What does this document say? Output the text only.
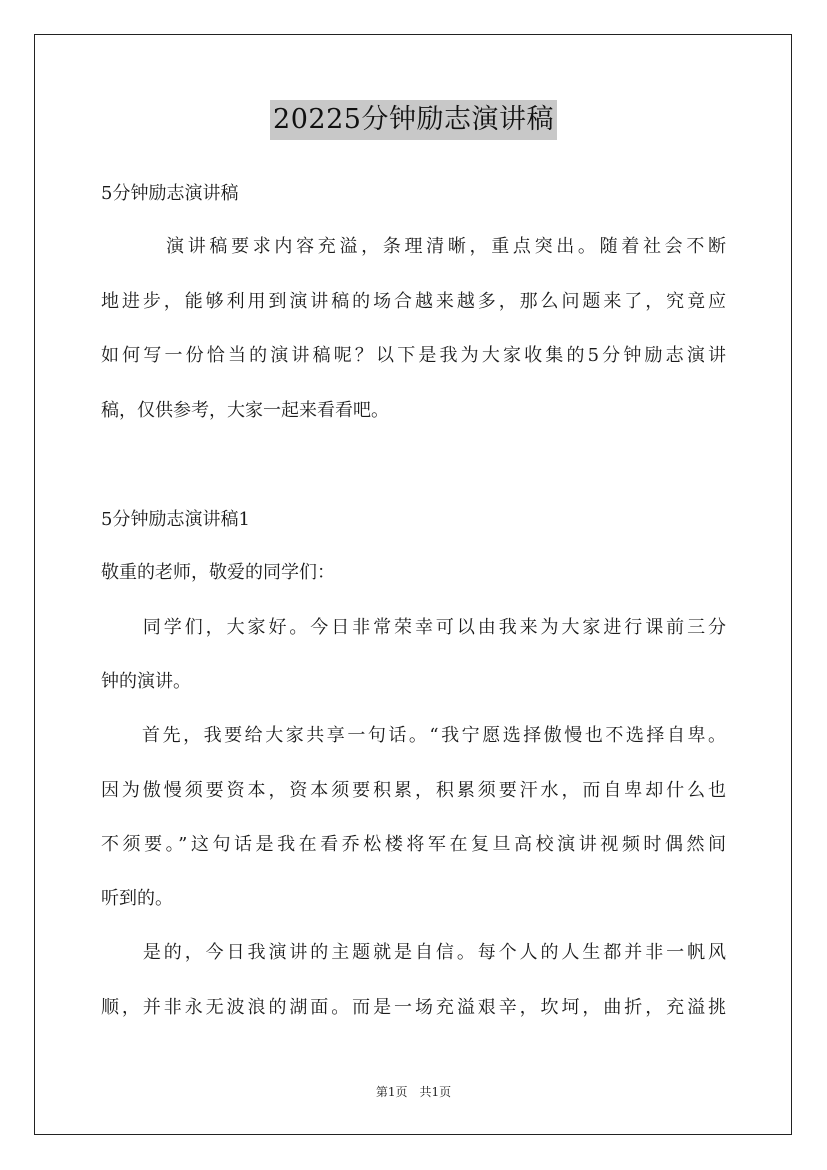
20225分钟励志演讲稿
5分钟励志演讲稿
　　　演讲稿要求内容充溢，条理清晰，重点突出。随着社会不断
地进步，能够利用到演讲稿的场合越来越多，那么问题来了，究竟应
如何写一份恰当的演讲稿呢？以下是我为大家收集的5分钟励志演讲
稿，仅供参考，大家一起来看看吧。
5分钟励志演讲稿1
敬重的老师，敬爱的同学们：
　　同学们，大家好。今日非常荣幸可以由我来为大家进行课前三分
钟的演讲。
　　首先，我要给大家共享一句话。“我宁愿选择傲慢也不选择自卑。
因为傲慢须要资本，资本须要积累，积累须要汗水，而自卑却什么也
不须要。”这句话是我在看乔松楼将军在复旦高校演讲视频时偶然间
听到的。
　　是的，今日我演讲的主题就是自信。每个人的人生都并非一帆风
顺，并非永无波浪的湖面。而是一场充溢艰辛，坎坷，曲折，充溢挑
第1页　共1页
